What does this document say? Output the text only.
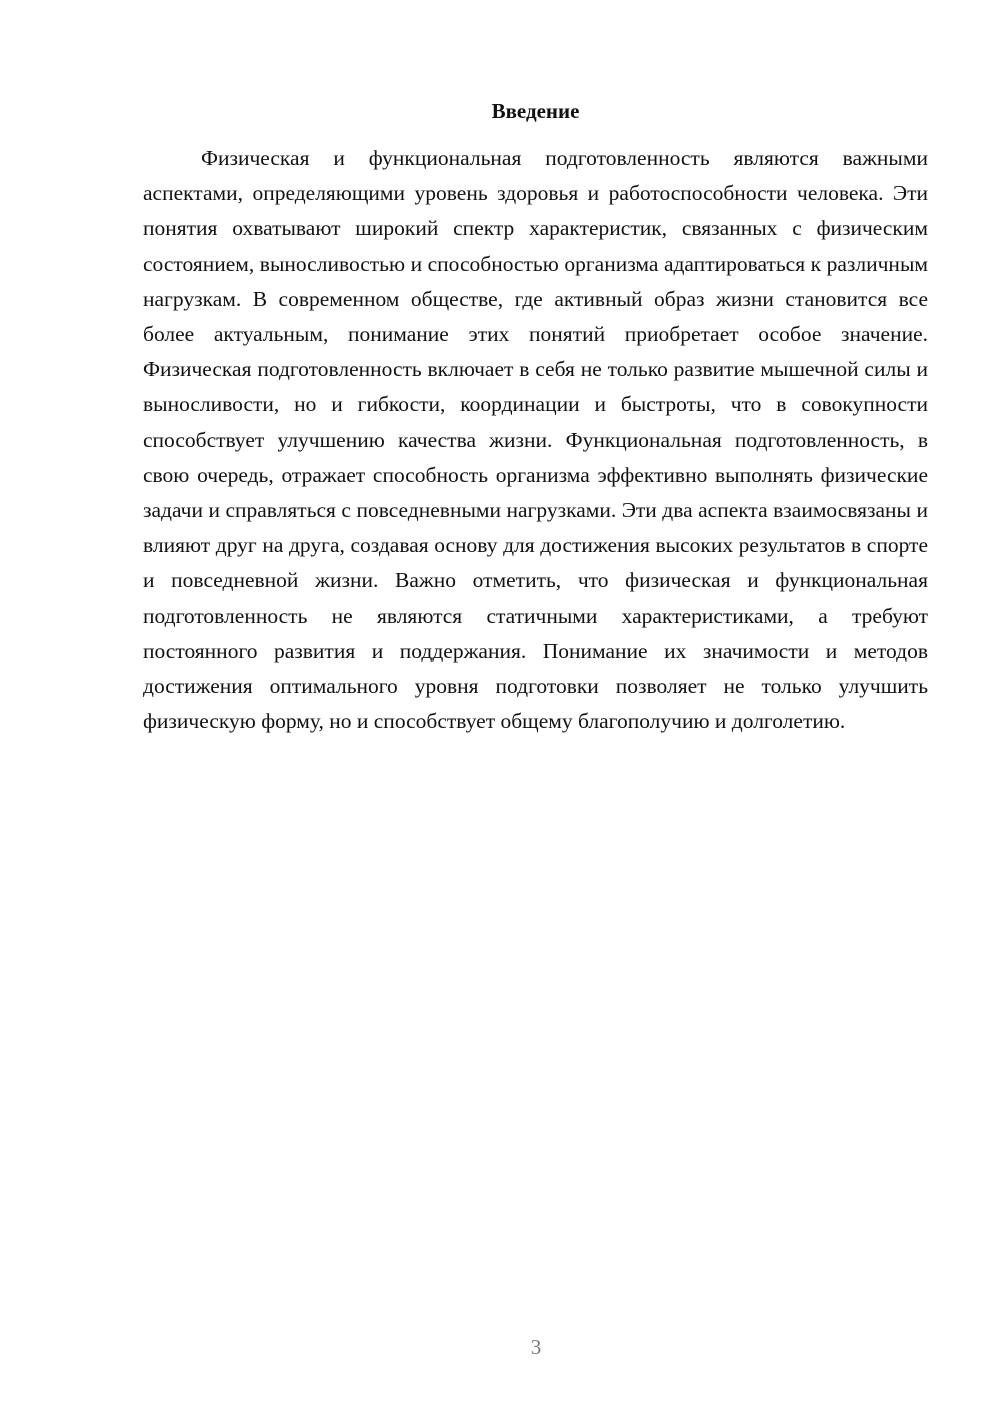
Введение

Физическая и функциональная подготовленность являются важными аспектами, определяющими уровень здоровья и работоспособности человека. Эти понятия охватывают широкий спектр характеристик, связанных с физическим состоянием, выносливостью и способностью организма адаптироваться к различным нагрузкам. В современном обществе, где активный образ жизни становится все более актуальным, понимание этих понятий приобретает особое значение. Физическая подготовленность включает в себя не только развитие мышечной силы и выносливости, но и гибкости, координации и быстроты, что в совокупности способствует улучшению качества жизни. Функциональная подготовленность, в свою очередь, отражает способность организма эффективно выполнять физические задачи и справляться с повседневными нагрузками. Эти два аспекта взаимосвязаны и влияют друг на друга, создавая основу для достижения высоких результатов в спорте и повседневной жизни. Важно отметить, что физическая и функциональная подготовленность не являются статичными характеристиками, а требуют постоянного развития и поддержания. Понимание их значимости и методов достижения оптимального уровня подготовки позволяет не только улучшить физическую форму, но и способствует общему благополучию и долголетию.

3
